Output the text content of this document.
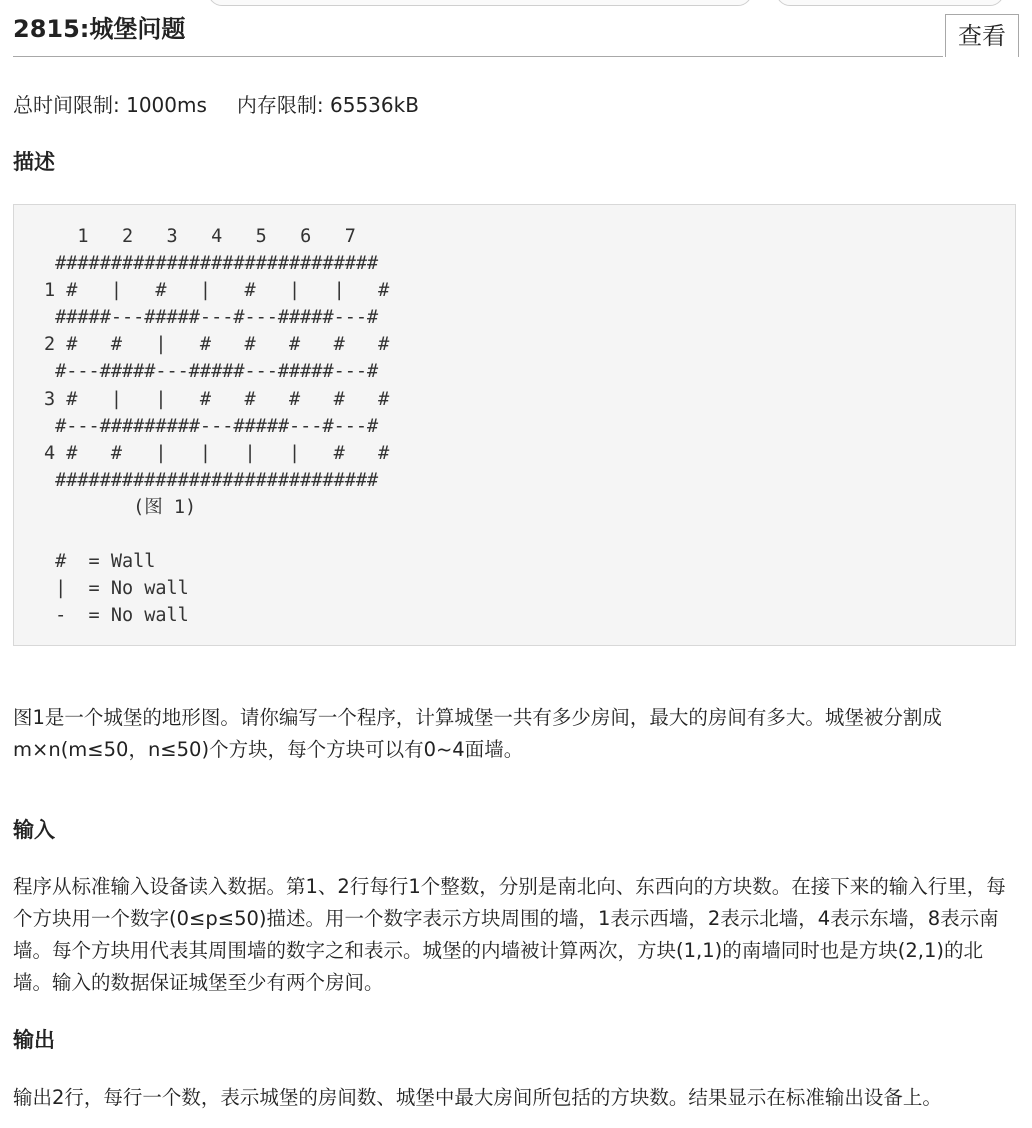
2815:城堡问题	查看
总时间限制: 1000ms 内存限制: 65536kB
描述
1   2   3   4   5   6   7
#############################
1 #   |   #   |   #   |   |   #
#####---#####---#---#####---#
2 #   #   |   #   #   #   #   #
#---#####---#####---#####---#
3 #   |   |   #   #   #   #   #
#---#########---#####---#---#
4 #   #   |   |   |   |   #   #
#############################
(图 1)

#  = Wall
|  = No wall
-  = No wall

图1是一个城堡的地形图。请你编写一个程序，计算城堡一共有多少房间，最大的房间有多大。城堡被分割成m×n(m≤50，n≤50)个方块，每个方块可以有0~4面墙。

输入

程序从标准输入设备读入数据。第1、2行每行1个整数，分别是南北向、东西向的方块数。在接下来的输入行里，每个方块用一个数字(0≤p≤50)描述。用一个数字表示方块周围的墙，1表示西墙，2表示北墙，4表示东墙，8表示南墙。每个方块用代表其周围墙的数字之和表示。城堡的内墙被计算两次，方块(1,1)的南墙同时也是方块(2,1)的北墙。输入的数据保证城堡至少有两个房间。

输出

输出2行，每行一个数，表示城堡的房间数、城堡中最大房间所包括的方块数。结果显示在标准输出设备上。
